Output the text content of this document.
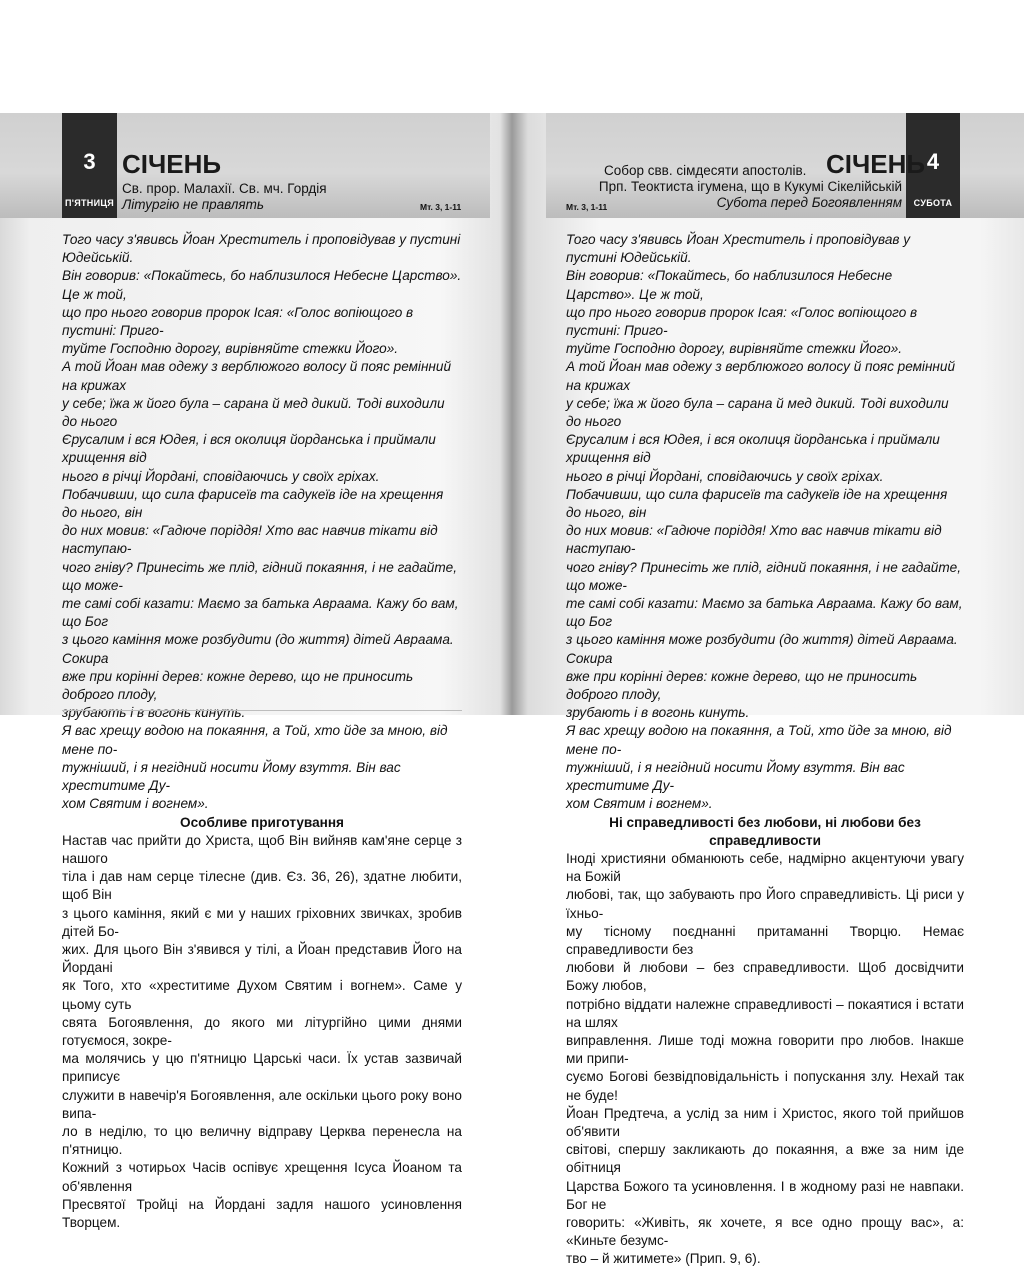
3
П'ЯТНИЦЯ
СІЧЕНЬ
Св. прор. Малахії. Св. мч. Гордія
Літургію не правлять	Мт. 3, 1-11

Того часу з'явивсь Йоан Хреститель і проповідував у пустині Юдейській.

Він говорив: «Покайтесь, бо наблизилося Небесне Царство». Це ж той,

що про нього говорив пророк Ісая: «Голос вопіющого в пустині: Приго-

туйте Господню дорогу, вирівняйте стежки Його».

А той Йоан мав одежу з верблюжого волосу й пояс ремінний на крижах

у себе; їжа ж його була – сарана й мед дикий. Тоді виходили до нього

Єрусалим і вся Юдея, і вся околиця йорданська і приймали хрищення від

нього в річці Йордані, сповідаючись у своїх гріхах.

Побачивши, що сила фарисеїв та садукеїв іде на хрещення до нього, він

до них мовив: «Гадюче поріддя! Хто вас навчив тікати від наступаю-

чого гніву? Принесіть же плід, гідний покаяння, і не гадайте, що може-

те самі собі казати: Маємо за батька Авраама. Кажу бо вам, що Бог

з цього каміння може розбудити (до життя) дітей Авраама. Сокира

вже при корінні дерев: кожне дерево, що не приносить доброго плоду,

зрубають і в вогонь кинуть.

Я вас хрещу водою на покаяння, а Той, хто йде за мною, від мене по-

тужніший, і я негідний носити Йому взуття. Він вас хреститиме Ду-

хом Святим і вогнем».

Особливе приготування

Настав час прийти до Христа, щоб Він вийняв кам'яне серце з нашого

тіла і дав нам серце тілесне (див. Єз. 36, 26), здатне любити, щоб Він

з цього каміння, який є ми у наших гріховних звичках, зробив дітей Бо-

жих. Для цього Він з'явився у тілі, а Йоан представив Його на Йордані

як Того, хто «хреститиме Духом Святим і вогнем». Саме у цьому суть

свята Богоявлення, до якого ми літургійно цими днями готуємося, зокре-

ма молячись у цю п'ятницю Царські часи. Їх устав зазвичай приписує

служити в навечір'я Богоявлення, але оскільки цього року воно випа-

ло в неділю, то цю величну відправу Церква перенесла на п'ятницю.

Кожний з чотирьох Часів оспівує хрещення Ісуса Йоаном та об'явлення

Пресвятої Тройці на Йордані задля нашого усиновлення Творцем.

4
СУБОТА
СІЧЕНЬ
Собор свв. сімдесяти апостолів.
Прп. Теоктиста ігумена, що в Кукумі Сікелійській
Субота перед Богоявленням
Мт. 3, 1-11

Того часу з'явивсь Йоан Хреститель і проповідував у пустині Юдейській.

Він говорив: «Покайтесь, бо наблизилося Небесне Царство». Це ж той,

що про нього говорив пророк Ісая: «Голос вопіющого в пустині: Приго-

туйте Господню дорогу, вирівняйте стежки Його».

А той Йоан мав одежу з верблюжого волосу й пояс ремінний на крижах

у себе; їжа ж його була – сарана й мед дикий. Тоді виходили до нього

Єрусалим і вся Юдея, і вся околиця йорданська і приймали хрищення від

нього в річці Йордані, сповідаючись у своїх гріхах.

Побачивши, що сила фарисеїв та садукеїв іде на хрещення до нього, він

до них мовив: «Гадюче поріддя! Хто вас навчив тікати від наступаю-

чого гніву? Принесіть же плід, гідний покаяння, і не гадайте, що може-

те самі собі казати: Маємо за батька Авраама. Кажу бо вам, що Бог

з цього каміння може розбудити (до життя) дітей Авраама. Сокира

вже при корінні дерев: кожне дерево, що не приносить доброго плоду,

зрубають і в вогонь кинуть.

Я вас хрещу водою на покаяння, а Той, хто йде за мною, від мене по-

тужніший, і я негідний носити Йому взуття. Він вас хреститиме Ду-

хом Святим і вогнем».

Ні справедливості без любови, ні любови без справедливости

Іноді християни обманюють себе, надмірно акцентуючи увагу на Божій

любові, так, що забувають про Його справедливість. Ці риси у їхньо-

му тісному поєднанні притаманні Творцю. Немає справедливости без

любови й любови – без справедливости. Щоб досвідчити Божу любов,

потрібно віддати належне справедливості – покаятися і встати на шлях

виправлення. Лише тоді можна говорити про любов. Інакше ми припи-

суємо Богові безвідповідальність і попускання злу. Нехай так не буде!

Йоан Предтеча, а услід за ним і Христос, якого той прийшов об'явити

світові, спершу закликають до покаяння, а вже за ним іде обітниця

Царства Божого та усиновлення. І в жодному разі не навпаки. Бог не

говорить: «Живіть, як хочете, я все одно прощу вас», а: «Киньте безумс-

тво – й житимете» (Прип. 9, 6).
